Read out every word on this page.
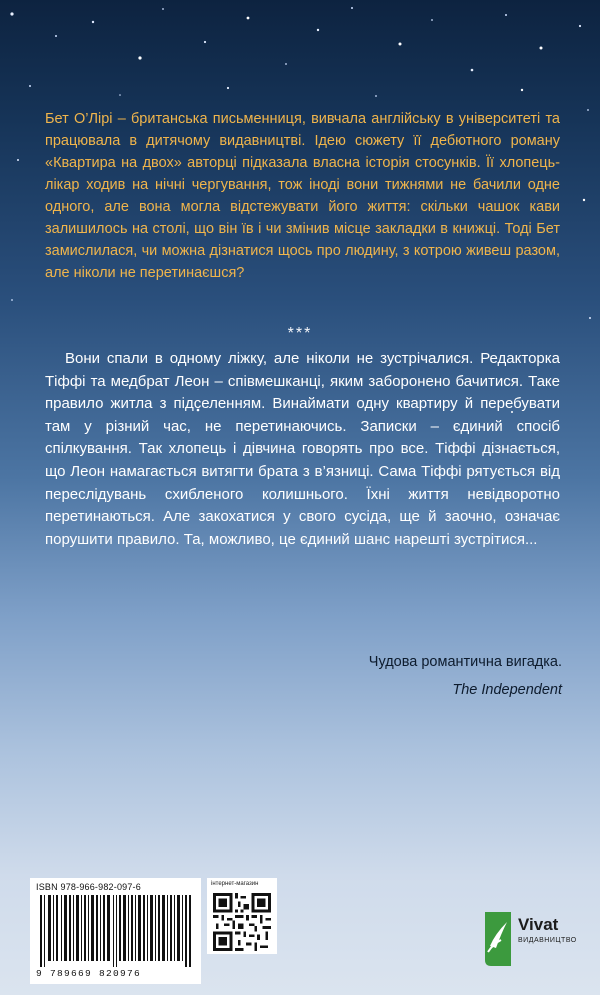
Бет О’Лірі – британська письменниця, вивчала англійську в університеті та працювала в дитячому видавництві. Ідею сюжету її дебютного роману «Квартира на двох» авторці підказала власна історія стосунків. Її хлопець-лікар ходив на нічні чергування, тож іноді вони тижнями не бачили одне одного, але вона могла відстежувати його життя: скільки чашок кави залишилось на столі, що він їв і чи змінив місце закладки в книжці. Тоді Бет замислилася, чи можна дізнатися щось про людину, з котрою живеш разом, але ніколи не перетинаєшся?
***
Вони спали в одному ліжку, але ніколи не зустрічалися. Редакторка Тіффі та медбрат Леон – співмешканці, яким заборонено бачитися. Таке правило житла з підселенням. Винаймати одну квартиру й перебувати там у різний час, не перетинаючись. Записки – єдиний спосіб спілкування. Так хлопець і дівчина говорять про все. Тіффі дізнається, що Леон намагається витягти брата з в’язниці. Сама Тіффі рятується від переслідувань схибленого колишнього. Їхні життя невідворотно перетинаються. Але закохатися у свого сусіда, ще й заочно, означає порушити правило. Та, можливо, це єдиний шанс нарешті зустрітися...
Чудова романтична вигадка.
The Independent
ISBN 978-966-982-097-6
9 789669 820976
інтернет-магазин
Vivat
ВИДАВНИЦТВО
